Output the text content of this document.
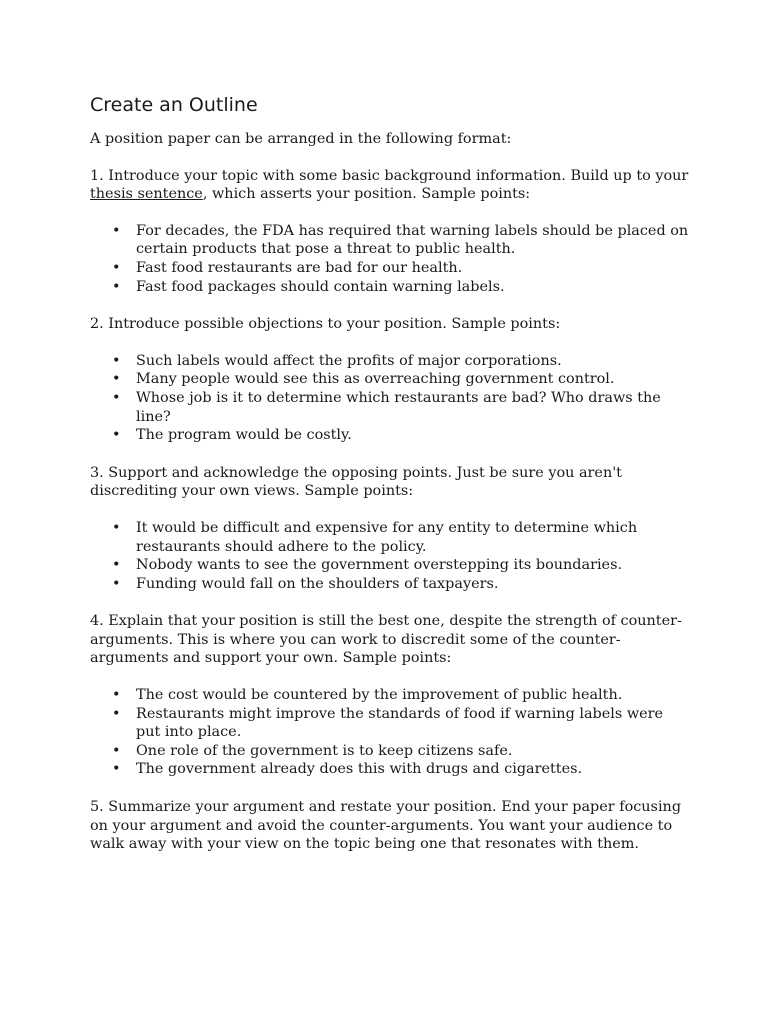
Create an Outline

A position paper can be arranged in the following format:

1. Introduce your topic with some basic background information. Build up to your thesis sentence, which asserts your position. Sample points:

• For decades, the FDA has required that warning labels should be placed on certain products that pose a threat to public health.
• Fast food restaurants are bad for our health.
• Fast food packages should contain warning labels.

2. Introduce possible objections to your position. Sample points:

• Such labels would affect the profits of major corporations.
• Many people would see this as overreaching government control.
• Whose job is it to determine which restaurants are bad? Who draws the line?
• The program would be costly.

3. Support and acknowledge the opposing points. Just be sure you aren't discrediting your own views. Sample points:

• It would be difficult and expensive for any entity to determine which restaurants should adhere to the policy.
• Nobody wants to see the government overstepping its boundaries.
• Funding would fall on the shoulders of taxpayers.

4. Explain that your position is still the best one, despite the strength of counter-arguments. This is where you can work to discredit some of the counter-arguments and support your own. Sample points:

• The cost would be countered by the improvement of public health.
• Restaurants might improve the standards of food if warning labels were put into place.
• One role of the government is to keep citizens safe.
• The government already does this with drugs and cigarettes.

5. Summarize your argument and restate your position. End your paper focusing on your argument and avoid the counter-arguments. You want your audience to walk away with your view on the topic being one that resonates with them.
